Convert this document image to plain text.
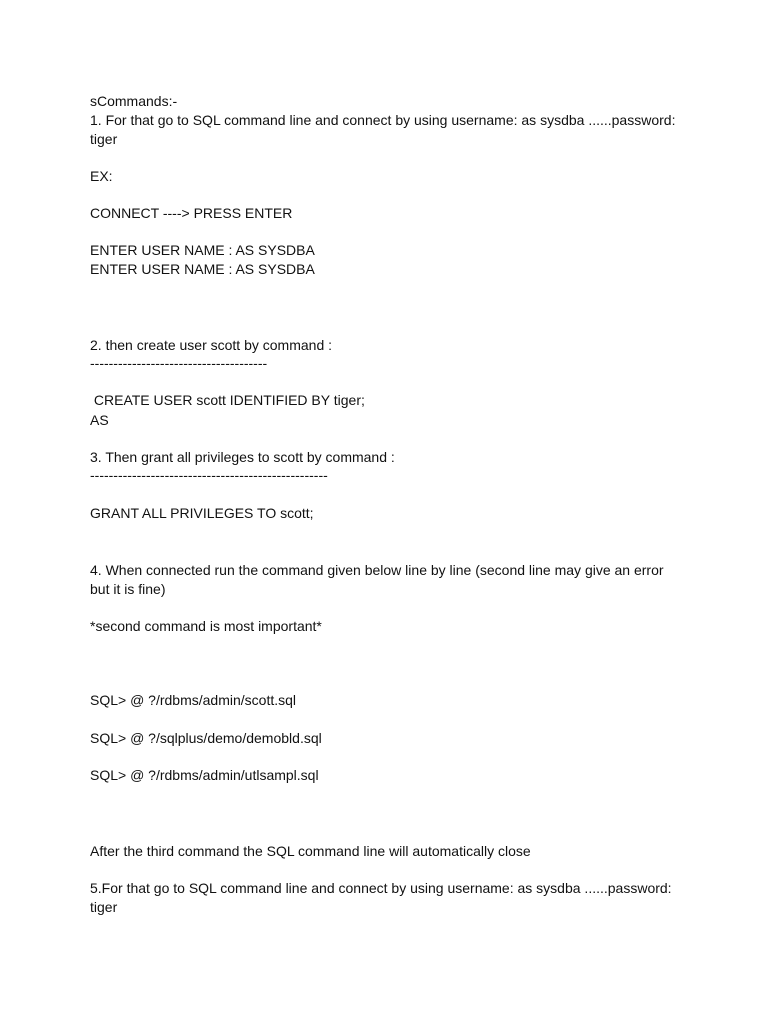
sCommands:-
1. For that go to SQL command line and connect by using username: as sysdba ......password: tiger
EX:
CONNECT ----> PRESS ENTER
ENTER USER NAME : AS SYSDBA
ENTER USER NAME : AS SYSDBA
2. then create user scott by command :
--------------------------------------
CREATE USER scott IDENTIFIED BY tiger;
AS
3. Then grant all privileges to scott by command :
---------------------------------------------------
GRANT ALL PRIVILEGES TO scott;
4. When connected run the command given below line by line (second line may give an error but it is fine)
*second command is most important*
SQL> @ ?/rdbms/admin/scott.sql
SQL> @ ?/sqlplus/demo/demobld.sql
SQL> @ ?/rdbms/admin/utlsampl.sql
After the third command the SQL command line will automatically close
5.For that go to SQL command line and connect by using username: as sysdba ......password: tiger
